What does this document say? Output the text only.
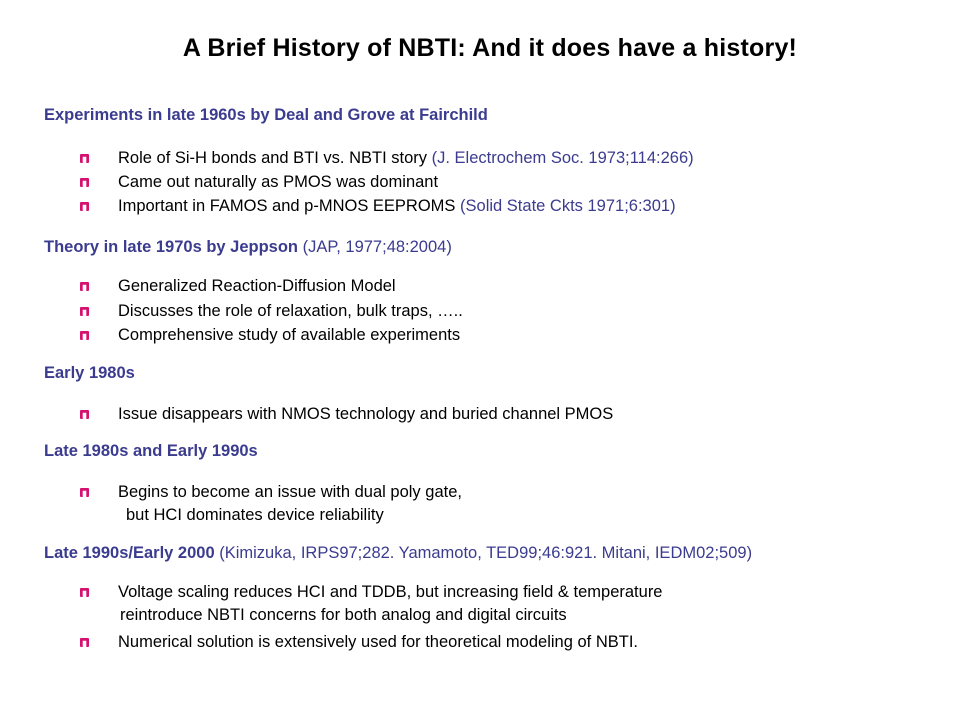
A Brief History of NBTI: And it does have a history!
Experiments in late 1960s by Deal and Grove at Fairchild
Role of Si-H bonds and BTI vs. NBTI story (J. Electrochem Soc. 1973;114:266)
Came out naturally as PMOS was dominant
Important in FAMOS and p-MNOS EEPROMS (Solid State Ckts 1971;6:301)
Theory in late 1970s by Jeppson (JAP, 1977;48:2004)
Generalized Reaction-Diffusion Model
Discusses the role of relaxation, bulk traps, …..
Comprehensive study of available experiments
Early 1980s
Issue disappears with NMOS technology and buried channel PMOS
Late 1980s and Early 1990s
Begins to become an issue with dual poly gate,
but HCI dominates device reliability
Late 1990s/Early 2000 (Kimizuka, IRPS97;282. Yamamoto, TED99;46:921. Mitani, IEDM02;509)
Voltage scaling reduces HCI and TDDB, but increasing field & temperature
reintroduce NBTI concerns for both analog and digital circuits
Numerical solution is extensively used for theoretical modeling of NBTI.
